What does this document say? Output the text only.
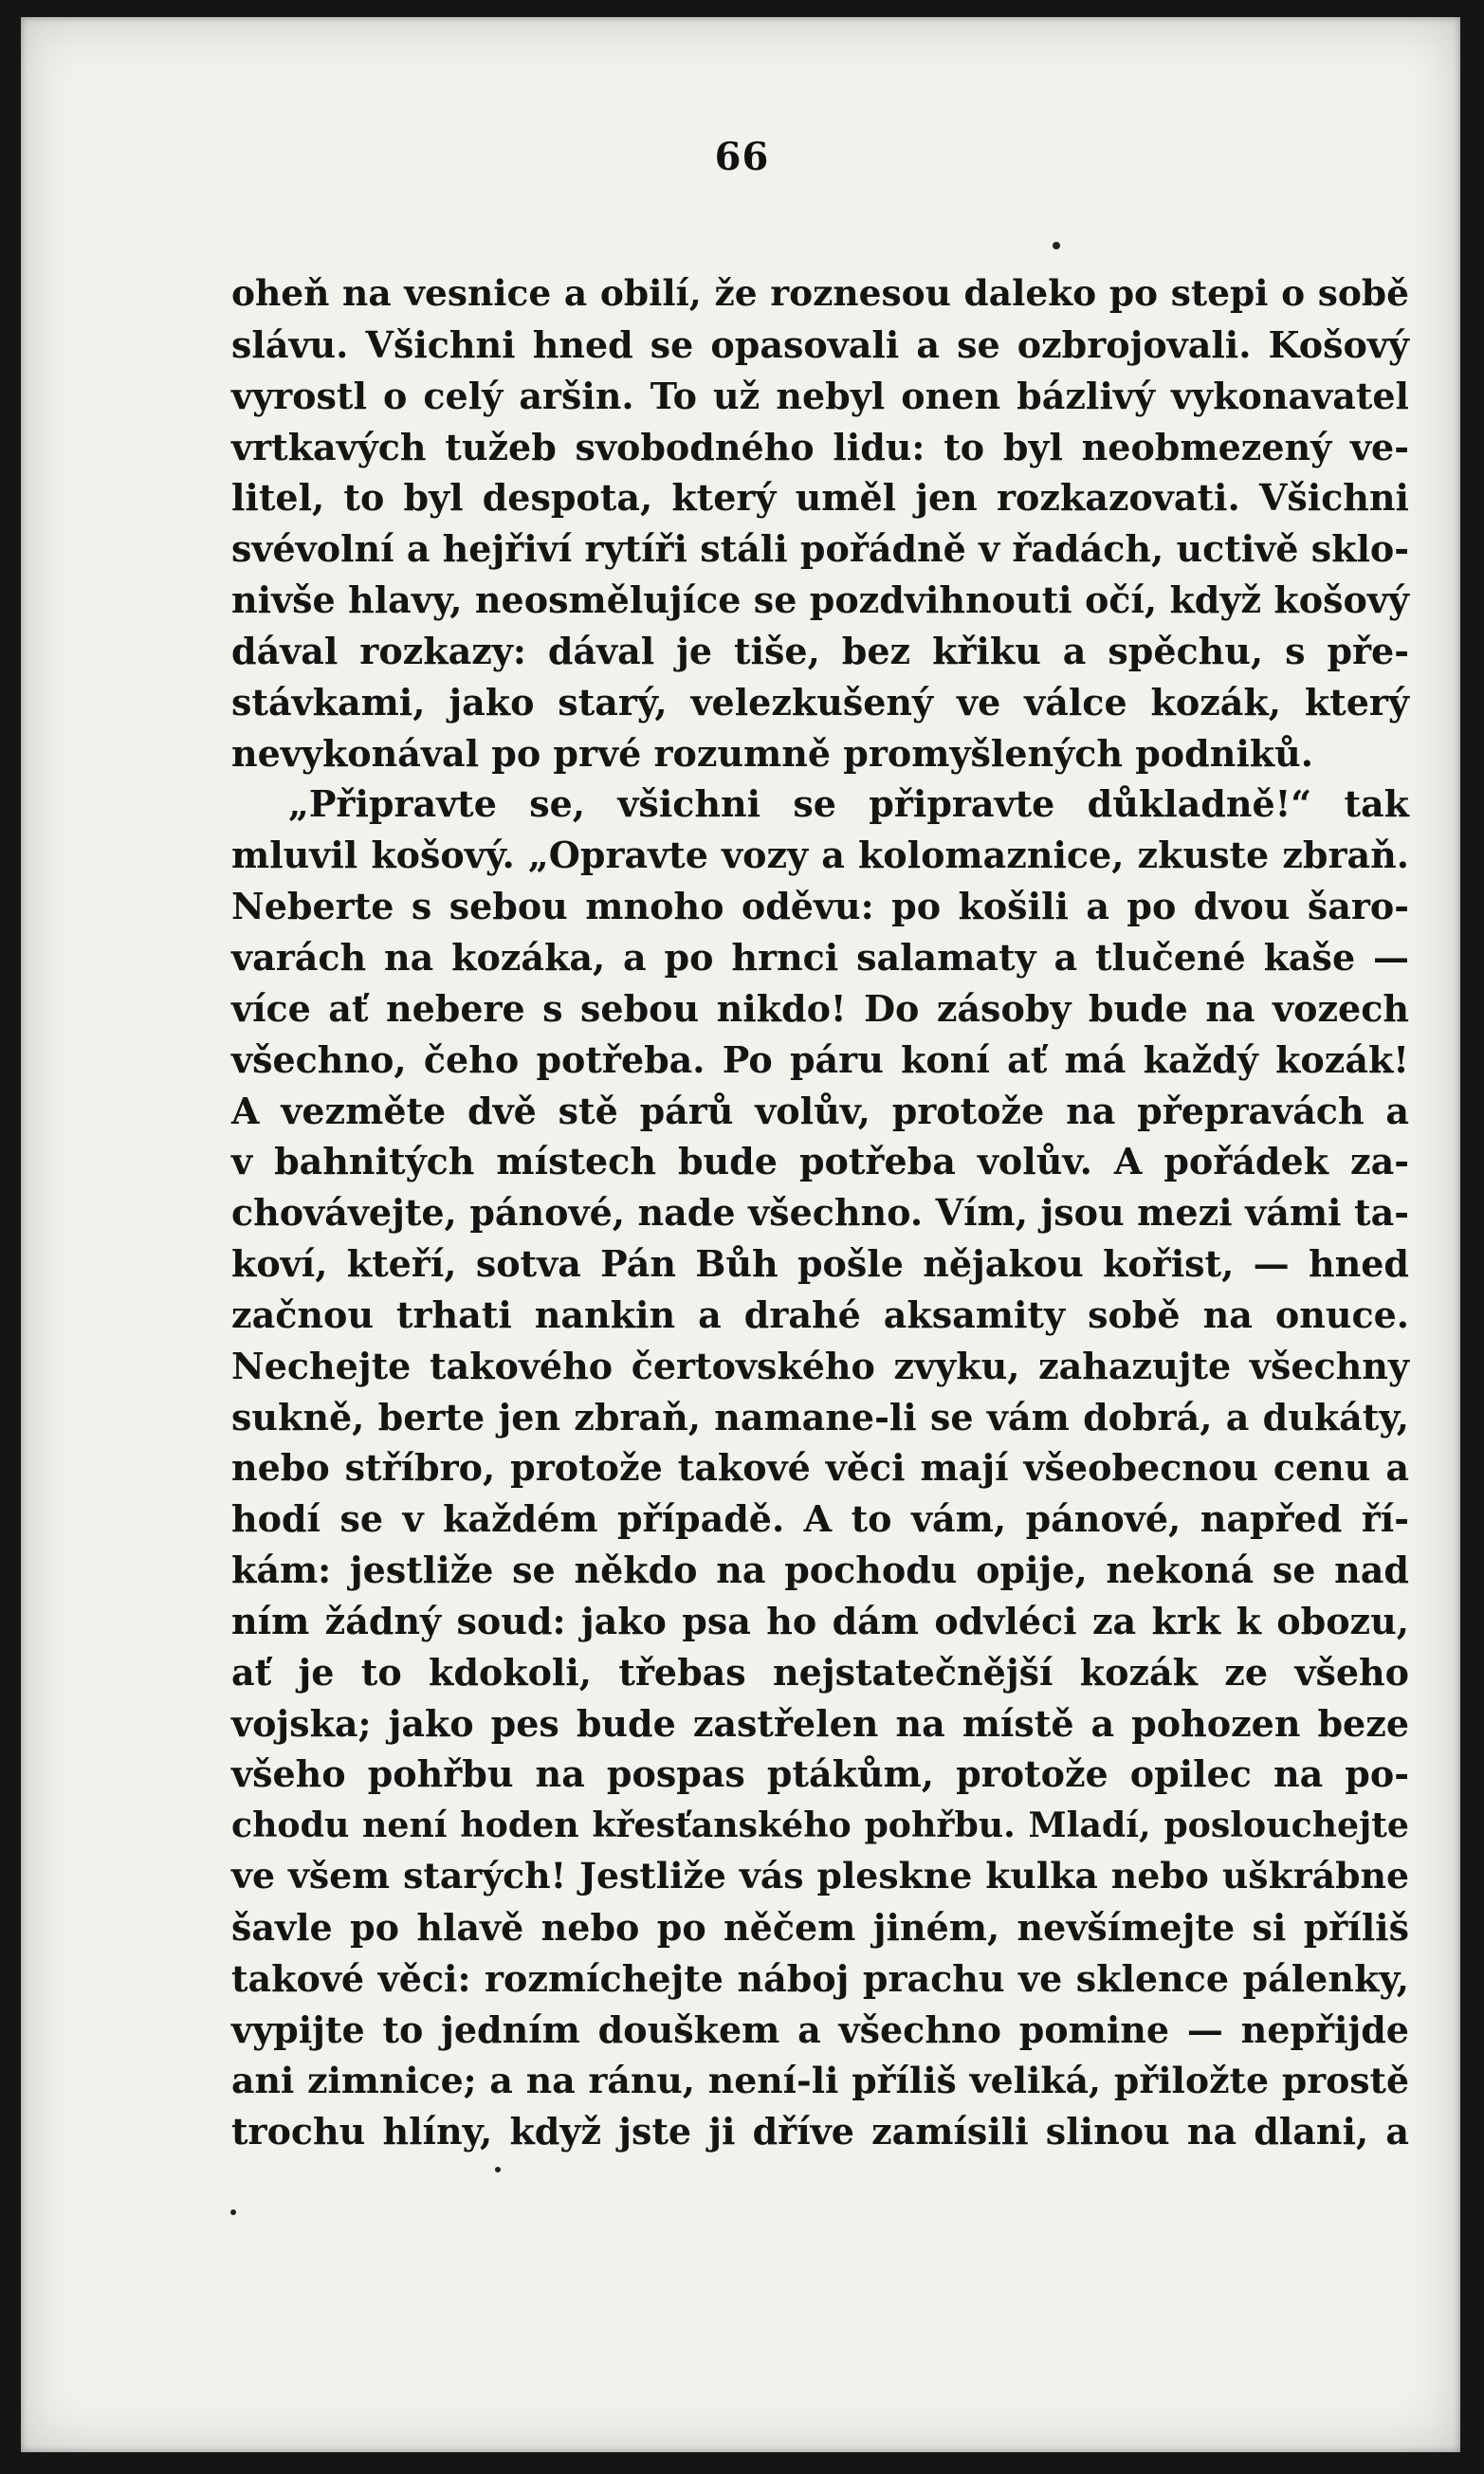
66
oheň na vesnice a obilí, že roznesou daleko po stepi o sobě
slávu. Všichni hned se opasovali a se ozbrojovali. Košový
vyrostl o celý aršin. To už nebyl onen bázlivý vykonavatel
vrtkavých tužeb svobodného lidu: to byl neobmezený ve-
litel, to byl despota, který uměl jen rozkazovati. Všichni
svévolní a hejřiví rytíři stáli pořádně v řadách, uctivě sklo-
nivše hlavy, neosmělujíce se pozdvihnouti očí, když košový
dával rozkazy: dával je tiše, bez křiku a spěchu, s pře-
stávkami, jako starý, velezkušený ve válce kozák, který
nevykonával po prvé rozumně promyšlených podniků.
„Připravte se, všichni se připravte důkladně!“ tak
mluvil košový. „Opravte vozy a kolomaznice, zkuste zbraň.
Neberte s sebou mnoho oděvu: po košili a po dvou šaro-
varách na kozáka, a po hrnci salamaty a tlučené kaše —
více ať nebere s sebou nikdo! Do zásoby bude na vozech
všechno, čeho potřeba. Po páru koní ať má každý kozák!
A vezměte dvě stě párů volův, protože na přepravách a
v bahnitých místech bude potřeba volův. A pořádek za-
chovávejte, pánové, nade všechno. Vím, jsou mezi vámi ta-
koví, kteří, sotva Pán Bůh pošle nějakou kořist, — hned
začnou trhati nankin a drahé aksamity sobě na onuce.
Nechejte takového čertovského zvyku, zahazujte všechny
sukně, berte jen zbraň, namane-li se vám dobrá, a dukáty,
nebo stříbro, protože takové věci mají všeobecnou cenu a
hodí se v každém případě. A to vám, pánové, napřed ří-
kám: jestliže se někdo na pochodu opije, nekoná se nad
ním žádný soud: jako psa ho dám odvléci za krk k obozu,
ať je to kdokoli, třebas nejstatečnější kozák ze všeho
vojska; jako pes bude zastřelen na místě a pohozen beze
všeho pohřbu na pospas ptákům, protože opilec na po-
chodu není hoden křesťanského pohřbu. Mladí, poslouchejte
ve všem starých! Jestliže vás plesknе kulka nebo uškrábne
šavle po hlavě nebo po něčem jiném, nevšímejte si příliš
takové věci: rozmíchejte náboj prachu ve sklence pálenky,
vypijte to jedním douškem a všechno pomine — nepřijde
ani zimnice; a na ránu, není-li příliš veliká, přiložte prostě
trochu hlíny, když jste ji dříve zamísili slinou na dlani, a
